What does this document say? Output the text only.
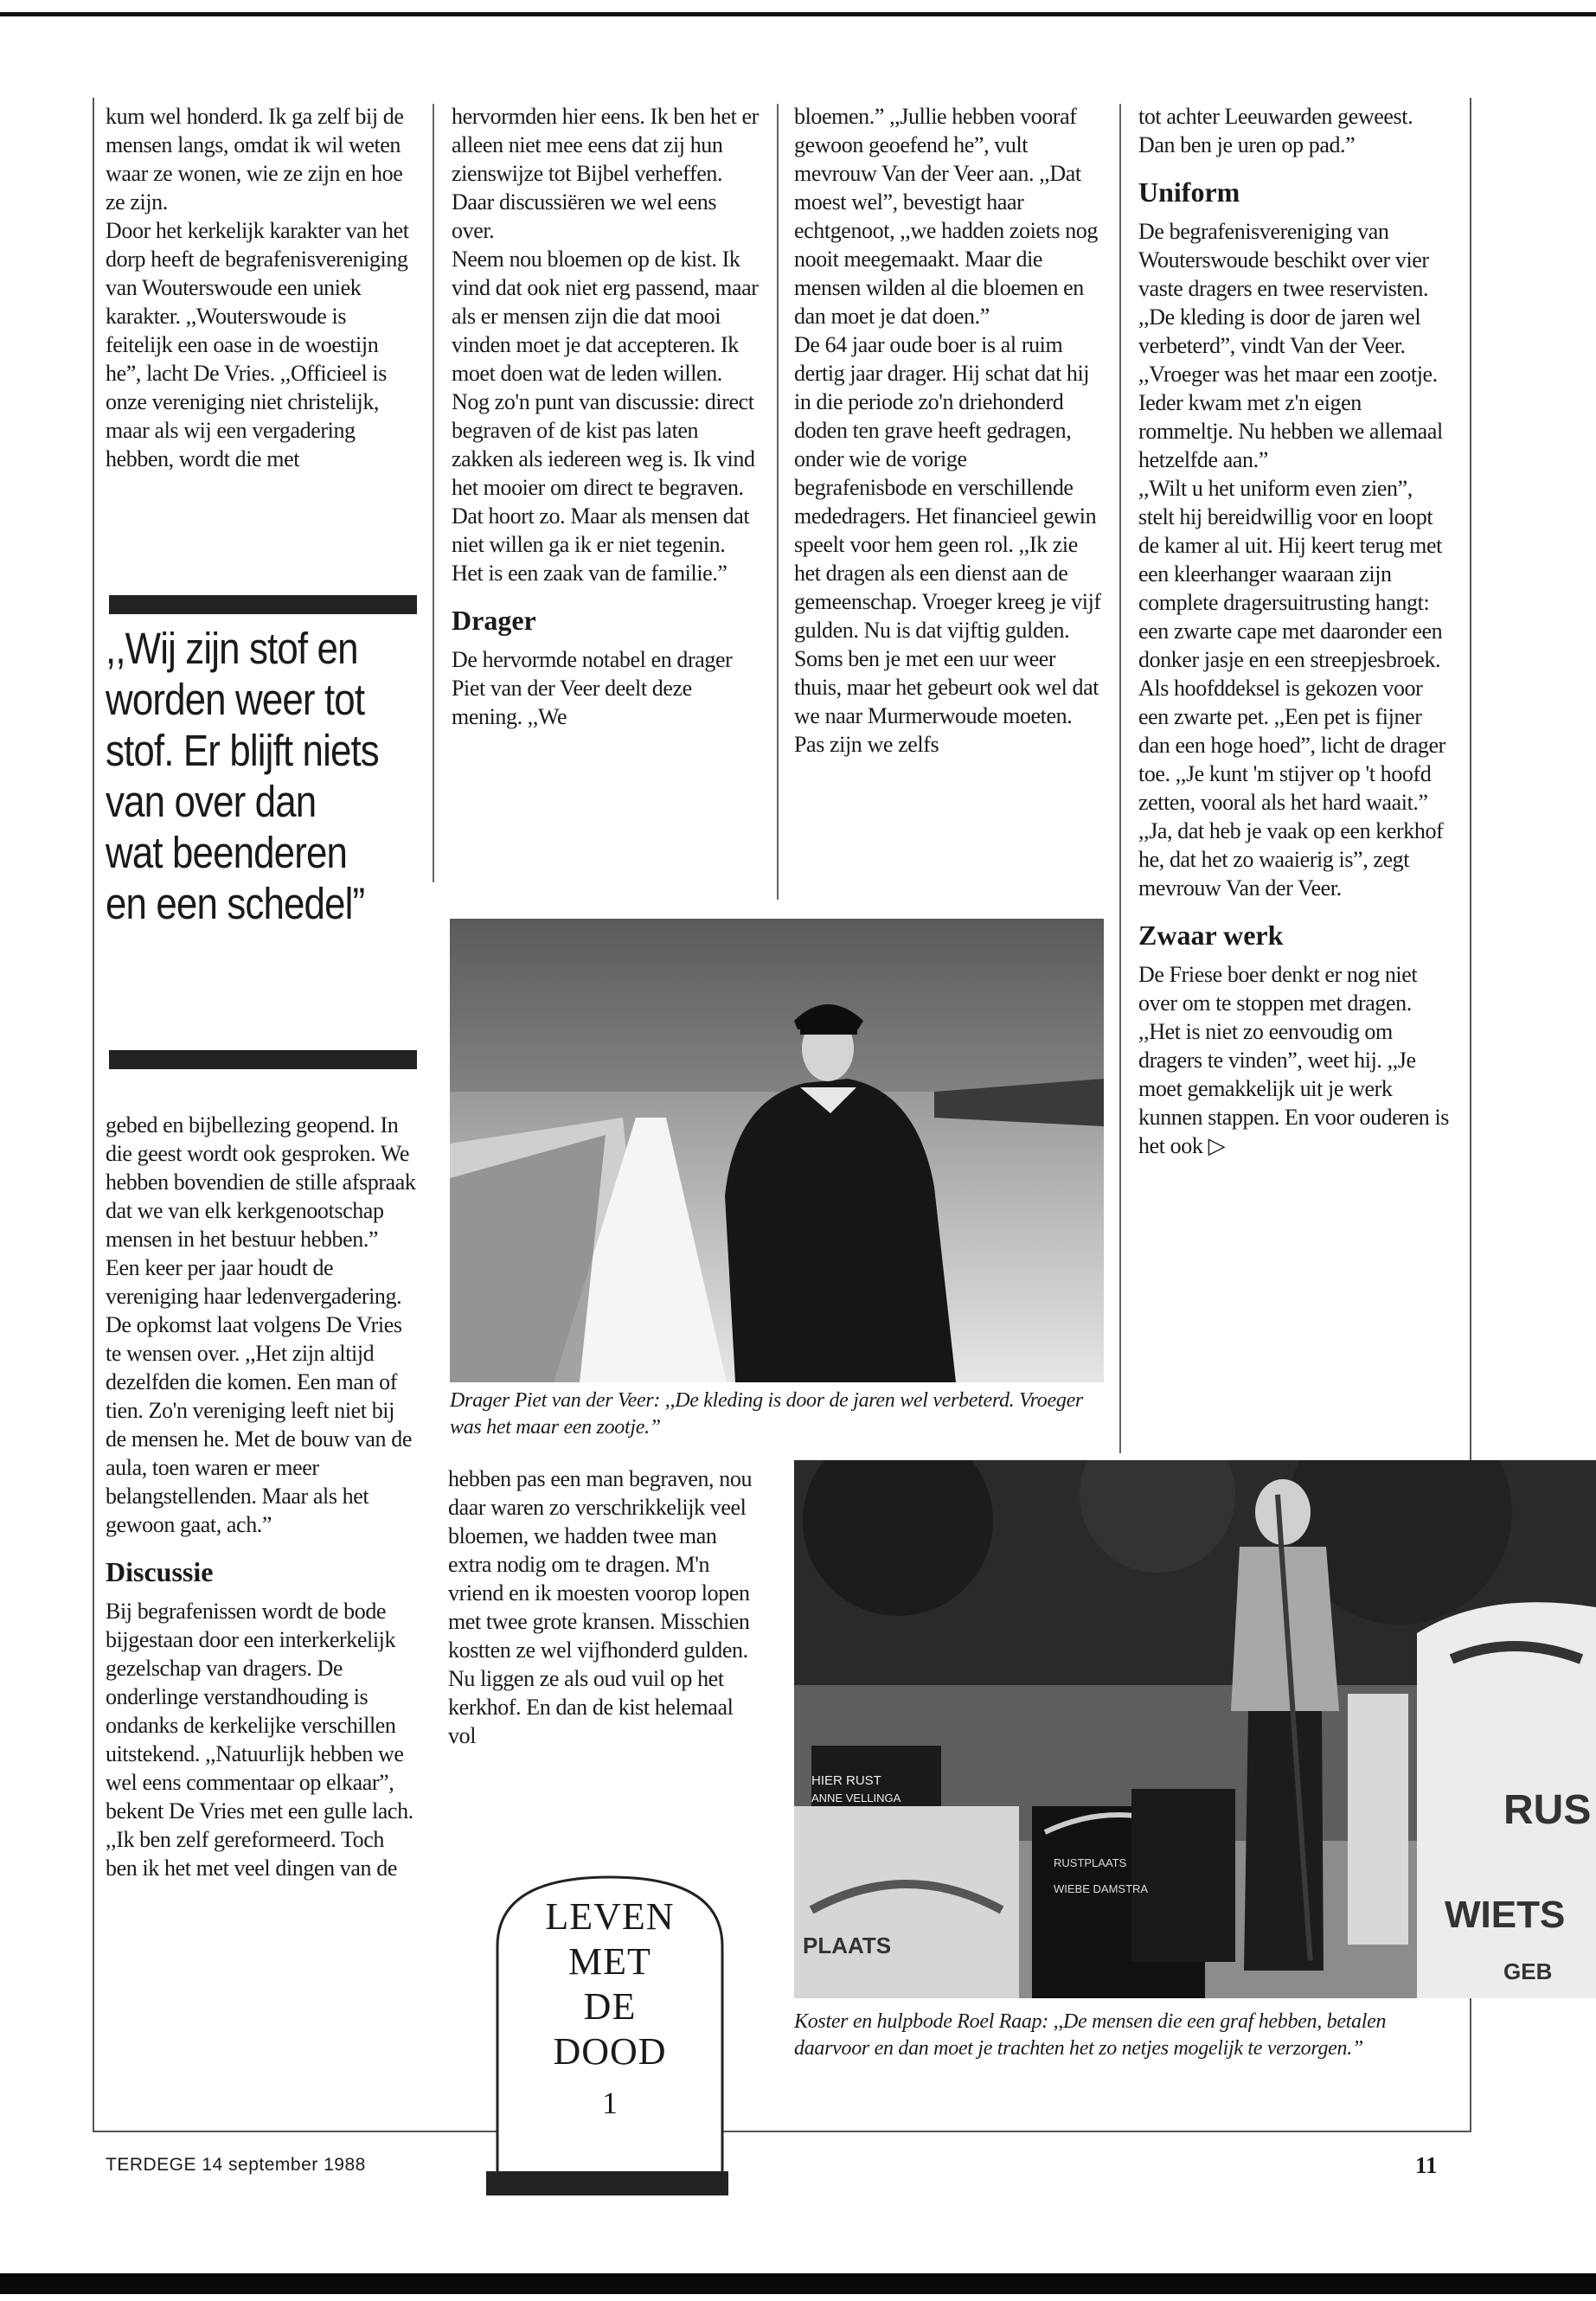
kum wel honderd. Ik ga zelf bij de mensen langs, omdat ik wil weten waar ze wonen, wie ze zijn en hoe ze zijn.

Door het kerkelijk karakter van het dorp heeft de begrafenisvereniging van Wouterswoude een uniek karakter. ,,Wouterswoude is feitelijk een oase in de woestijn he”, lacht De Vries. ,,Officieel is onze vereniging niet christelijk, maar als wij een vergadering hebben, wordt die met

,,Wij zijn stof en worden weer tot stof. Er blijft niets van over dan wat beenderen en een schedel”

gebed en bijbellezing geopend. In die geest wordt ook gesproken. We hebben bovendien de stille afspraak dat we van elk kerkgenootschap mensen in het bestuur hebben.”

Een keer per jaar houdt de vereniging haar ledenvergadering. De opkomst laat volgens De Vries te wensen over. ,,Het zijn altijd dezelfden die komen. Een man of tien. Zo'n vereniging leeft niet bij de mensen he. Met de bouw van de aula, toen waren er meer belangstellenden. Maar als het gewoon gaat, ach.”

Discussie

Bij begrafenissen wordt de bode bijgestaan door een interkerkelijk gezelschap van dragers. De onderlinge verstandhouding is ondanks de kerkelijke verschillen uitstekend. ,,Natuurlijk hebben we wel eens commentaar op elkaar”, bekent De Vries met een gulle lach. ,,Ik ben zelf gereformeerd. Toch ben ik het met veel dingen van de

hervormden hier eens. Ik ben het er alleen niet mee eens dat zij hun zienswijze tot Bijbel verheffen. Daar discussiëren we wel eens over.

Neem nou bloemen op de kist. Ik vind dat ook niet erg passend, maar als er mensen zijn die dat mooi vinden moet je dat accepteren. Ik moet doen wat de leden willen. Nog zo'n punt van discussie: direct begraven of de kist pas laten zakken als iedereen weg is. Ik vind het mooier om direct te begraven. Dat hoort zo. Maar als mensen dat niet willen ga ik er niet tegenin. Het is een zaak van de familie.”

Drager

De hervormde notabel en drager Piet van der Veer deelt deze mening. ,,We

bloemen.” ,,Jullie hebben vooraf gewoon geoefend he”, vult mevrouw Van der Veer aan. ,,Dat moest wel”, bevestigt haar echtgenoot, ,,we hadden zoiets nog nooit meegemaakt. Maar die mensen wilden al die bloemen en dan moet je dat doen.”

De 64 jaar oude boer is al ruim dertig jaar drager. Hij schat dat hij in die periode zo'n driehonderd doden ten grave heeft gedragen, onder wie de vorige begrafenisbode en verschillende mededragers. Het financieel gewin speelt voor hem geen rol. ,,Ik zie het dragen als een dienst aan de gemeenschap. Vroeger kreeg je vijf gulden. Nu is dat vijftig gulden. Soms ben je met een uur weer thuis, maar het gebeurt ook wel dat we naar Murmerwoude moeten. Pas zijn we zelfs

tot achter Leeuwarden geweest. Dan ben je uren op pad.”

Uniform

De begrafenisvereniging van Wouterswoude beschikt over vier vaste dragers en twee reservisten. ,,De kleding is door de jaren wel verbeterd”, vindt Van der Veer. ,,Vroeger was het maar een zootje. Ieder kwam met z'n eigen rommeltje. Nu hebben we allemaal hetzelfde aan.”

,,Wilt u het uniform even zien”, stelt hij bereidwillig voor en loopt de kamer al uit. Hij keert terug met een kleerhanger waaraan zijn complete dragersuitrusting hangt: een zwarte cape met daaronder een donker jasje en een streepjesbroek. Als hoofddeksel is gekozen voor een zwarte pet. ,,Een pet is fijner dan een hoge hoed”, licht de drager toe. ,,Je kunt 'm stijver op 't hoofd zetten, vooral als het hard waait.” ,,Ja, dat heb je vaak op een kerkhof he, dat het zo waaierig is”, zegt mevrouw Van der Veer.

Zwaar werk

De Friese boer denkt er nog niet over om te stoppen met dragen. ,,Het is niet zo eenvoudig om dragers te vinden”, weet hij. ,,Je moet gemakkelijk uit je werk kunnen stappen. En voor ouderen is het ook ▷

Drager Piet van der Veer: ,,De kleding is door de jaren wel verbeterd. Vroeger was het maar een zootje.”

hebben pas een man begraven, nou daar waren zo verschrikkelijk veel bloemen, we hadden twee man extra nodig om te dragen. M'n vriend en ik moesten voorop lopen met twee grote kransen. Misschien kostten ze wel vijfhonderd gulden. Nu liggen ze als oud vuil op het kerkhof. En dan de kist helemaal vol

HIER RUST
ANNE VELLINGA
PLAATS
RUSTPLAATS
WIEBE DAMSTRA
RUS
WIETS
GEB
Koster en hulpbode Roel Raap: ,,De mensen die een graf hebben, betalen daarvoor en dan moet je trachten het zo netjes mogelijk te verzorgen.”
LEVEN
MET
DE
DOOD
1
TERDEGE 14 september 1988	11
